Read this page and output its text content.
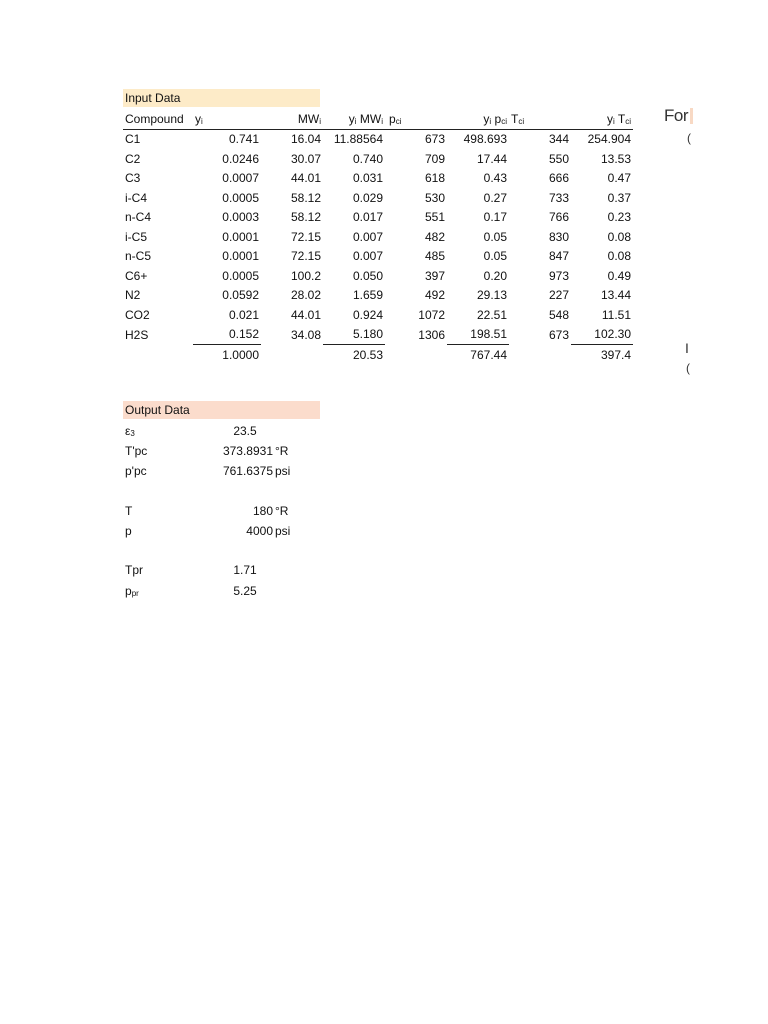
Input Data
Compound	yi	MWi	yi MWi	pci	yi pci	Tci	yi Tci
C1	0.741	16.04	11.88564	673	498.693	344	254.904
C2	0.0246	30.07	0.740	709	17.44	550	13.53
C3	0.0007	44.01	0.031	618	0.43	666	0.47
i-C4	0.0005	58.12	0.029	530	0.27	733	0.37
n-C4	0.0003	58.12	0.017	551	0.17	766	0.23
i-C5	0.0001	72.15	0.007	482	0.05	830	0.08
n-C5	0.0001	72.15	0.007	485	0.05	847	0.08
C6+	0.0005	100.2	0.050	397	0.20	973	0.49
N2	0.0592	28.02	1.659	492	29.13	227	13.44
CO2	0.021	44.01	0.924	1072	22.51	548	11.51
H2S	0.152	34.08	5.180	1306	198.51	673	102.30
	1.0000		20.53		767.44		397.4
Output Data
ε3	23.5
T'pc	373.8931 °R
p'pc	761.6375 psi
T	180 °R
p	4000 psi
Tpr	1.71
ppr	5.25
For
(
I
(
